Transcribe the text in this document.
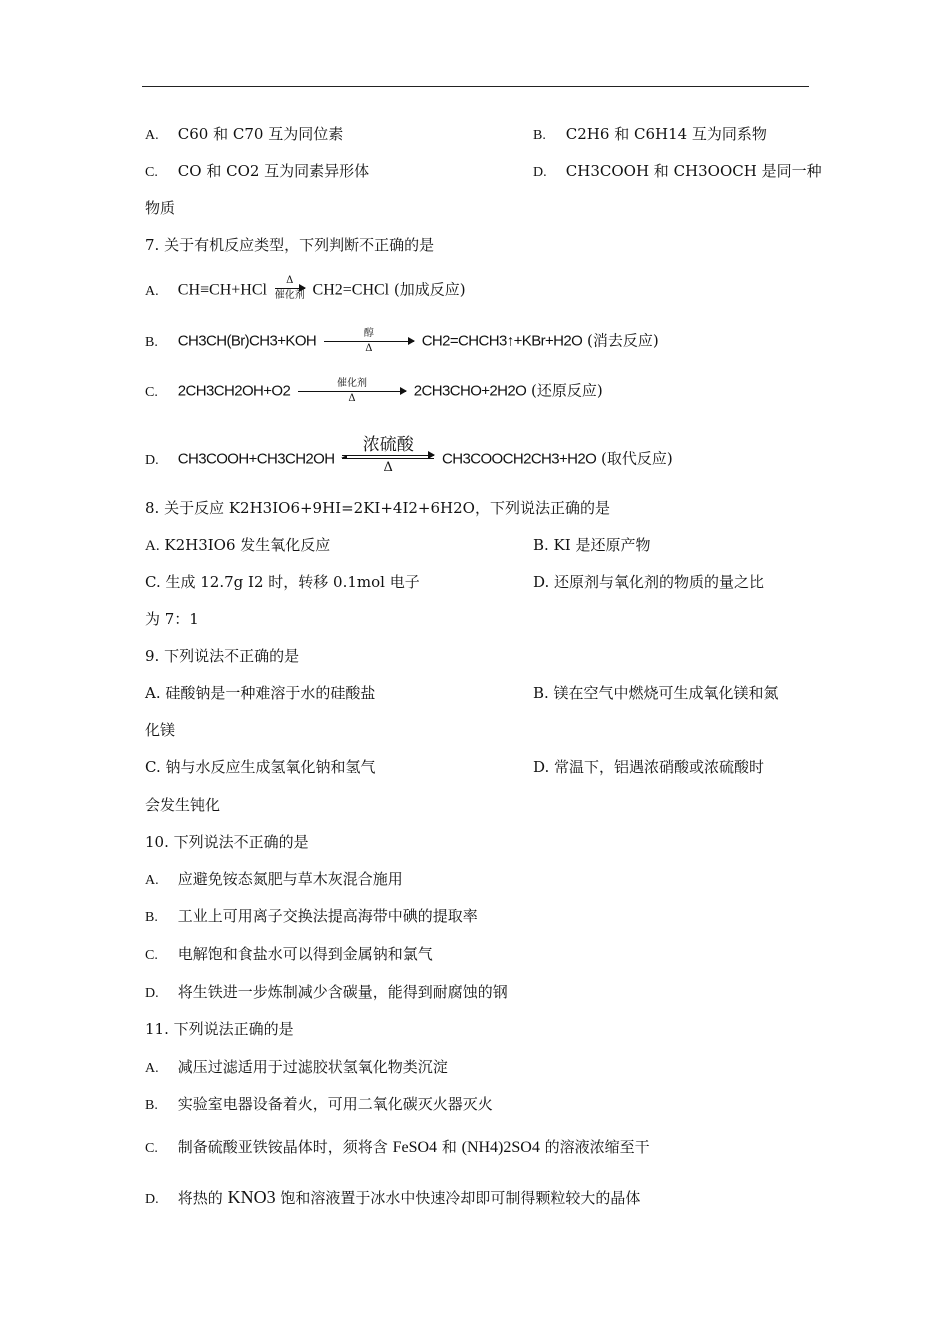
A. C60 和 C70 互为同位素	B. C2H6 和 C6H14 互为同系物
C. CO 和 CO2 互为同素异形体	D. CH3COOH 和 CH3OOCH 是同一种
物质
7. 关于有机反应类型，下列判断不正确的是
A. CH≡CH+HCl
Δ
催化剂 CH2=CHCl (加成反应)
B. CH3CH(Br)CH3+KOH	醇
Δ	CH2=CHCH3↑+KBr+H2O (消去反应)
C. 2CH3CH2OH+O2	催化剂
Δ	2CH3CHO+2H2O (还原反应)
D. CH3COOH+CH3CH2OH
浓硫酸
Δ	CH3COOCH2CH3+H2O (取代反应)
8. 关于反应 K2H3IO6+9HI=2KI+4I2+6H2O，下列说法正确的是
A. K2H3IO6 发生氧化反应	B. KI 是还原产物
C. 生成 12.7g I2 时，转移 0.1mol 电子	D. 还原剂与氧化剂的物质的量之比
为 7：1
9. 下列说法不正确的是
A. 硅酸钠是一种难溶于水的硅酸盐	B. 镁在空气中燃烧可生成氧化镁和氮
化镁
C. 钠与水反应生成氢氧化钠和氢气	D. 常温下，铝遇浓硝酸或浓硫酸时
会发生钝化
10. 下列说法不正确的是
A. 应避免铵态氮肥与草木灰混合施用
B. 工业上可用离子交换法提高海带中碘的提取率
C. 电解饱和食盐水可以得到金属钠和氯气
D. 将生铁进一步炼制减少含碳量，能得到耐腐蚀的钢
11. 下列说法正确的是
A. 减压过滤适用于过滤胶状氢氧化物类沉淀
B. 实验室电器设备着火，可用二氧化碳灭火器灭火
C. 制备硫酸亚铁铵晶体时，须将含 FeSO4 和 (NH4)2SO4 的溶液浓缩至干
D. 将热的 KNO3 饱和溶液置于冰水中快速冷却即可制得颗粒较大的晶体
